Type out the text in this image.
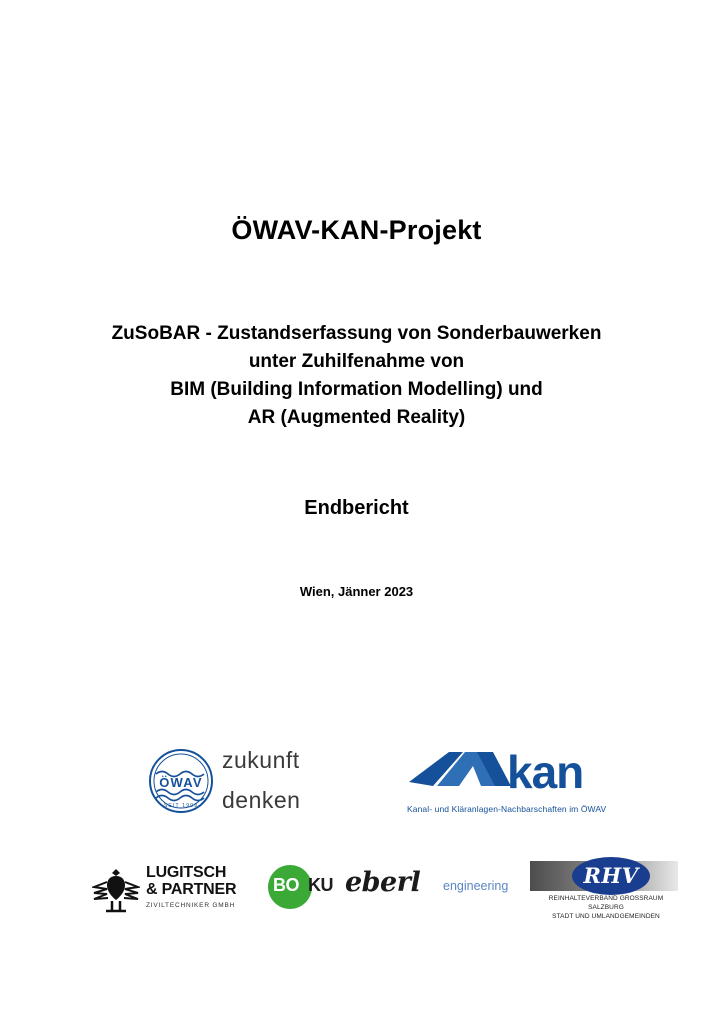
ÖWAV-KAN-Projekt

ZuSoBAR - Zustandserfassung von Sonderbauwerken

unter Zuhilfenahme von

BIM (Building Information Modelling) und

AR (Augmented Reality)

Endbericht
Wien, Jänner 2023
ÖWAV
SEIT 1909
zukunft
denken
kan
Kanal- und Kläranlagen-Nachbarschaften im ÖWAV
LUGITSCH
& PARTNER
ZIVILTECHNIKER GMBH
BO KU eberl engineering	RHV
REINHALTEVERBAND GROSSRAUM SALZBURG
STADT UND UMLANDGEMEINDEN
